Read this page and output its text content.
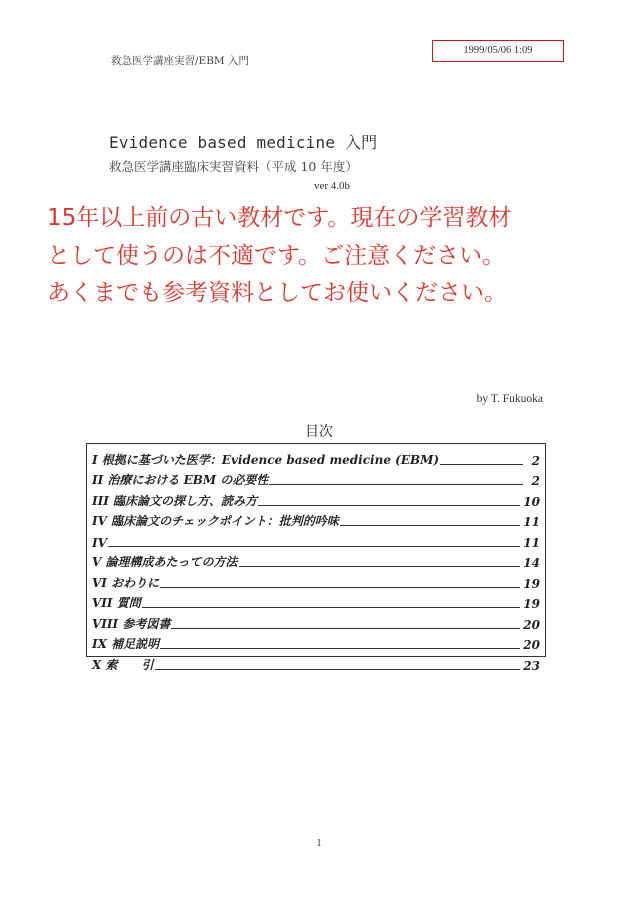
救急医学講座実習/EBM 入門
1999/05/06 1:09
Evidence based medicine 入門
救急医学講座臨床実習資料（平成 10 年度）
ver 4.0b
15年以上前の古い教材です。現在の学習教材
として使うのは不適です。ご注意ください。
あくまでも参考資料としてお使いください。
by T. Fukuoka
目次
I 根拠に基づいた医学：Evidence based medicine (EBM)	2
II 治療における EBM の必要性	2
III 臨床論文の探し方、読み方	10
IV 臨床論文のチェックポイント：批判的吟味	11
IV	11
V 論理構成あたっての方法	14
VI おわりに	19
VII 質問	19
VIII 参考図書	20
IX 補足説明	20
X 索　　引	23
1
